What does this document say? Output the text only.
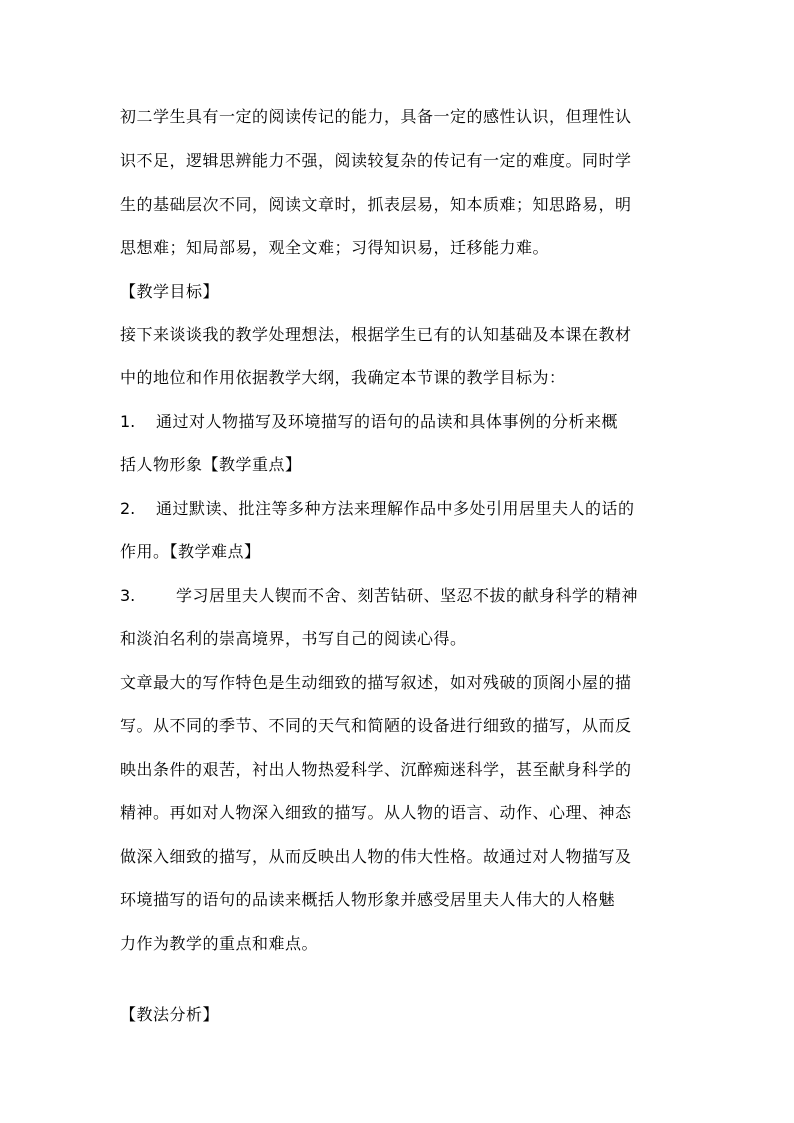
初二学生具有一定的阅读传记的能力，具备一定的感性认识，但理性认
识不足，逻辑思辨能力不强，阅读较复杂的传记有一定的难度。同时学
生的基础层次不同，阅读文章时，抓表层易，知本质难；知思路易，明
思想难；知局部易，观全文难；习得知识易，迁移能力难。
【教学目标】
接下来谈谈我的教学处理想法，根据学生已有的认知基础及本课在教材
中的地位和作用依据教学大纲，我确定本节课的教学目标为：
1. 通过对人物描写及环境描写的语句的品读和具体事例的分析来概
括人物形象【教学重点】
2. 通过默读、批注等多种方法来理解作品中多处引用居里夫人的话的
作用。【教学难点】
3.	学习居里夫人锲而不舍、刻苦钻研、坚忍不拔的献身科学的精神
和淡泊名利的崇高境界，书写自己的阅读心得。
文章最大的写作特色是生动细致的描写叙述，如对残破的顶阁小屋的描
写。从不同的季节、不同的天气和简陋的设备进行细致的描写，从而反
映出条件的艰苦，衬出人物热爱科学、沉醉痴迷科学，甚至献身科学的
精神。再如对人物深入细致的描写。从人物的语言、动作、心理、神态
做深入细致的描写，从而反映出人物的伟大性格。故通过对人物描写及
环境描写的语句的品读来概括人物形象并感受居里夫人伟大的人格魅
力作为教学的重点和难点。
【教法分析】
